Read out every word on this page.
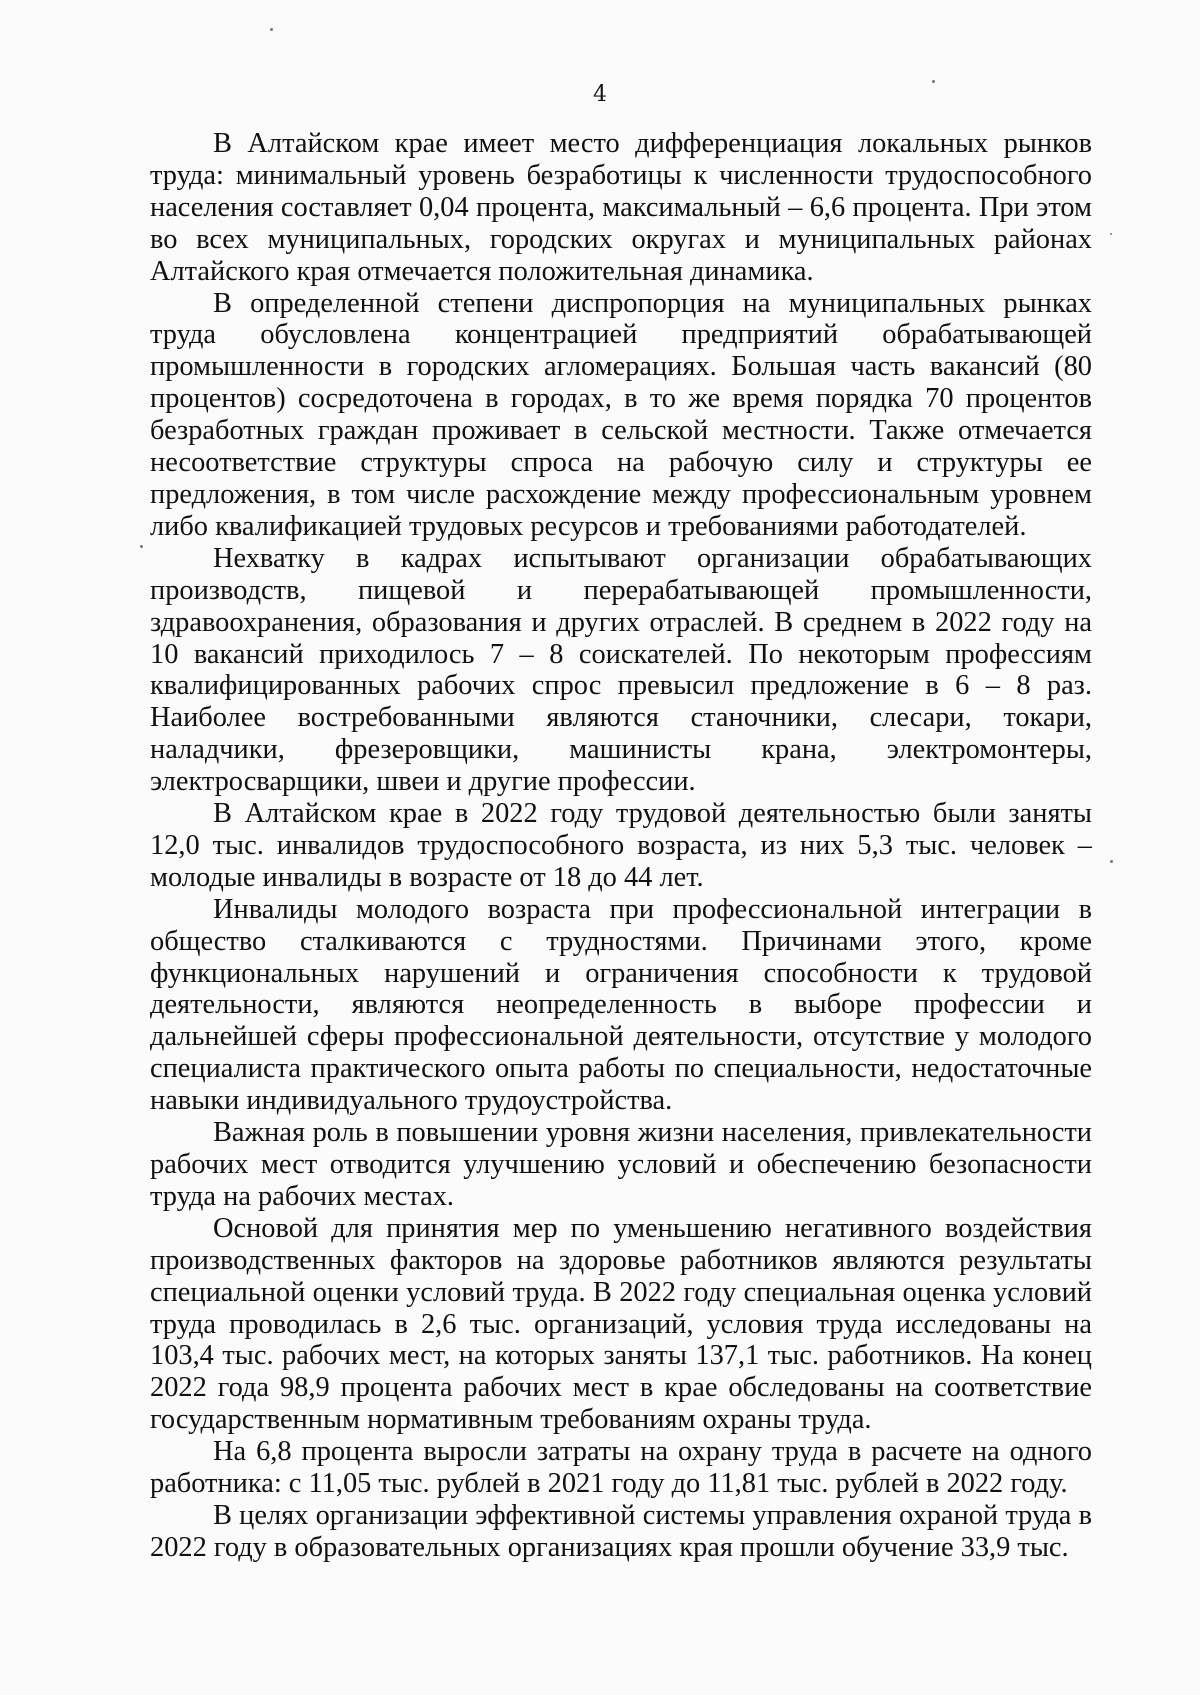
4

В Алтайском крае имеет место дифференциация локальных рынков труда: минимальный уровень безработицы к численности трудоспособного населения составляет 0,04 процента, максимальный – 6,6 процента. При этом во всех муниципальных, городских округах и муниципальных районах Алтайского края отмечается положительная динамика.

В определенной степени диспропорция на муниципальных рынках труда обусловлена концентрацией предприятий обрабатывающей промышленности в городских агломерациях. Большая часть вакансий (80 процентов) сосредоточена в городах, в то же время порядка 70 процентов безработных граждан проживает в сельской местности. Также отмечается несоответствие структуры спроса на рабочую силу и структуры ее предложения, в том числе расхождение между профессиональным уровнем либо квалификацией трудовых ресурсов и требованиями работодателей.

Нехватку в кадрах испытывают организации обрабатывающих производств, пищевой и перерабатывающей промышленности, здравоохранения, образования и других отраслей. В среднем в 2022 году на 10 вакансий приходилось 7 – 8 соискателей. По некоторым профессиям квалифицированных рабочих спрос превысил предложение в 6 – 8 раз. Наиболее востребованными являются станочники, слесари, токари, наладчики, фрезеровщики, машинисты крана, электромонтеры, электросварщики, швеи и другие профессии.

В Алтайском крае в 2022 году трудовой деятельностью были заняты 12,0 тыс. инвалидов трудоспособного возраста, из них 5,3 тыс. человек – молодые инвалиды в возрасте от 18 до 44 лет.

Инвалиды молодого возраста при профессиональной интеграции в общество сталкиваются с трудностями. Причинами этого, кроме функциональных нарушений и ограничения способности к трудовой деятельности, являются неопределенность в выборе профессии и дальнейшей сферы профессиональной деятельности, отсутствие у молодого специалиста практического опыта работы по специальности, недостаточные навыки индивидуального трудоустройства.

Важная роль в повышении уровня жизни населения, привлекательности рабочих мест отводится улучшению условий и обеспечению безопасности труда на рабочих местах.

Основой для принятия мер по уменьшению негативного воздействия производственных факторов на здоровье работников являются результаты специальной оценки условий труда. В 2022 году специальная оценка условий труда проводилась в 2,6 тыс. организаций, условия труда исследованы на 103,4 тыс. рабочих мест, на которых заняты 137,1 тыс. работников. На конец 2022 года 98,9 процента рабочих мест в крае обследованы на соответствие государственным нормативным требованиям охраны труда.

На 6,8 процента выросли затраты на охрану труда в расчете на одного работника: с 11,05 тыс. рублей в 2021 году до 11,81 тыс. рублей в 2022 году.

В целях организации эффективной системы управления охраной труда в 2022 году в образовательных организациях края прошли обучение 33,9 тыс.
